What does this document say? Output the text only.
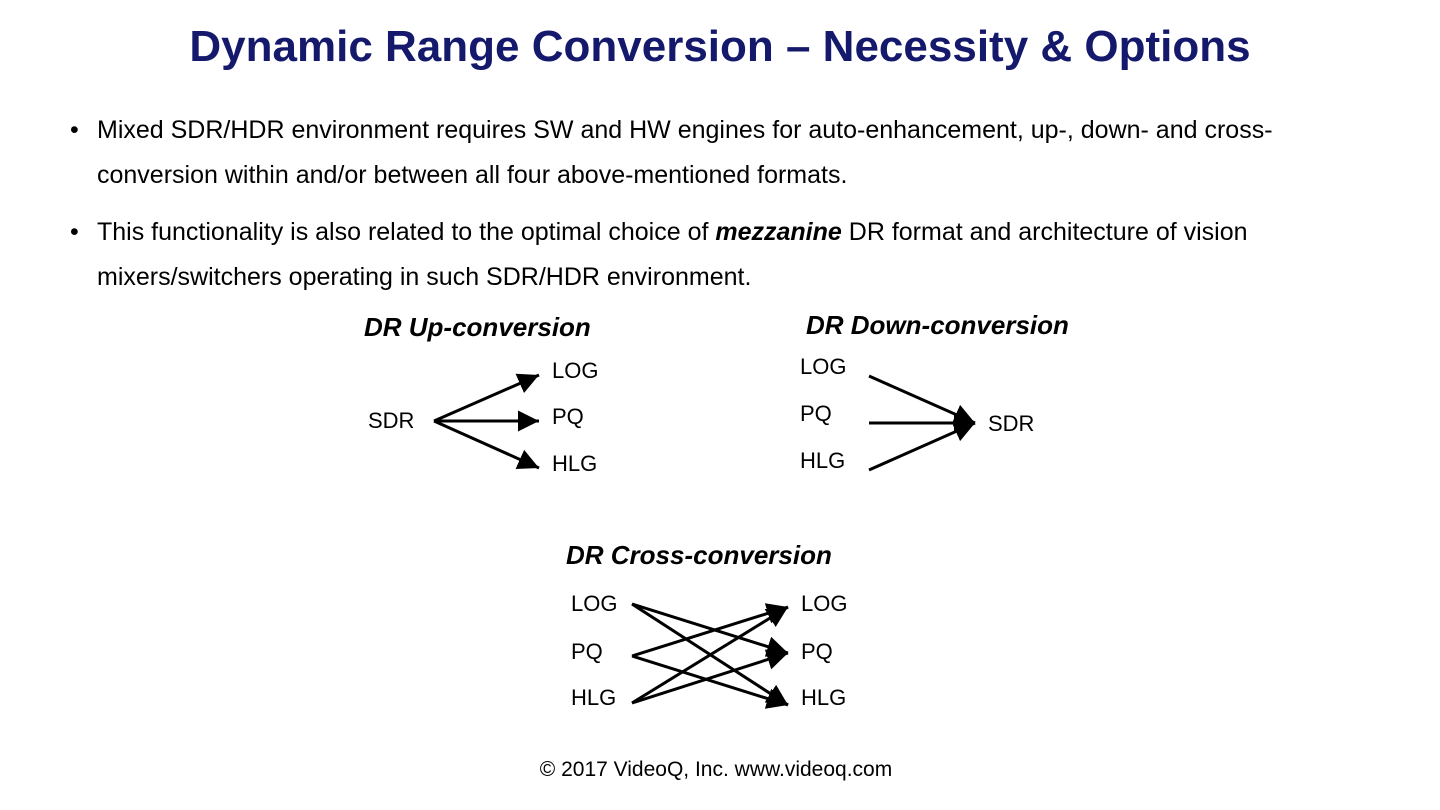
Dynamic Range Conversion – Necessity & Options
• Mixed SDR/HDR environment requires SW and HW engines for auto-enhancement, up-, down- and cross- conversion within and/or between all four above-mentioned formats.
• This functionality is also related to the optimal choice of mezzanine DR format and architecture of vision mixers/switchers operating in such SDR/HDR environment.
DR Up-conversion
SDR
LOG
PQ
HLG
DR Down-conversion
LOG
PQ
HLG
SDR
DR Cross-conversion
LOG
PQ
HLG
LOG
PQ
HLG
© 2017 VideoQ, Inc. www.videoq.com
